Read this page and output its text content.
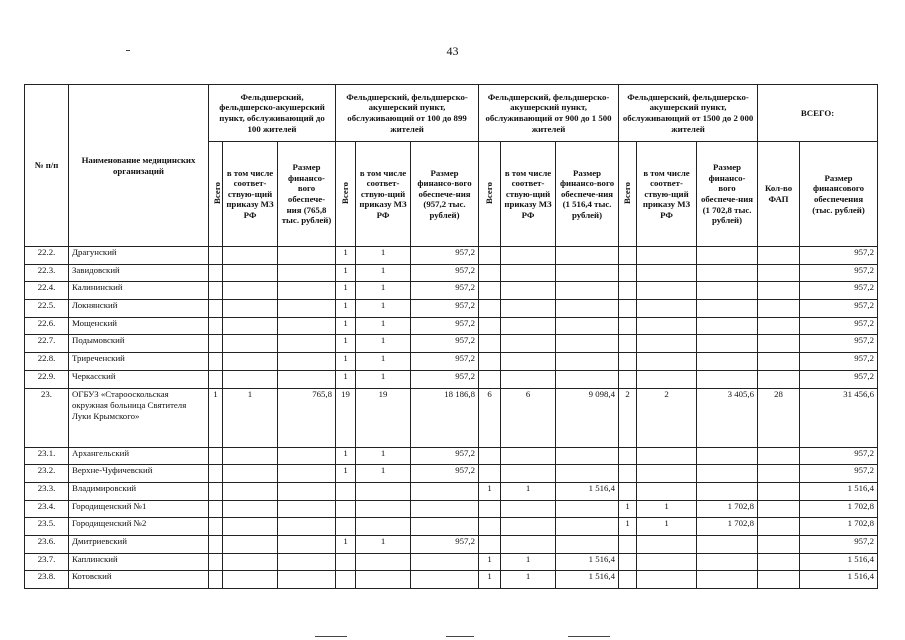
43
№ п/п	Наименование медицинских организаций	Фельдшерский, фельдшерско-акушерский пункт, обслуживающий до 100 жителей			Фельдшерский, фельдшерско-акушерский пункт, обслуживающий от 100 до 899 жителей			Фельдшерский, фельдшерско-акушерский пункт, обслуживающий от 900 до 1 500 жителей			Фельдшерский, фельдшерско-акушерский пункт, обслуживающий от 1500 до 2 000 жителей			ВСЕГО:	
		Всего	в том числе соответ-ствую-щий приказу МЗ РФ	Размер финансо-вого обеспече-ния (765,8 тыс. рублей)	Всего	в том числе соответ-ствую-щий приказу МЗ РФ	Размер финансо-вого обеспече-ния (957,2 тыс. рублей)	Всего	в том числе соответ-ствую-щий приказу МЗ РФ	Размер финансо-вого обеспече-ния (1 516,4 тыс. рублей)	Всего	в том числе соответ-ствую-щий приказу МЗ РФ	Размер финансо-вого обеспече-ния (1 702,8 тыс. рублей)	Кол-во ФАП	Размер финансового обеспечения (тыс. рублей)
22.2.	Драгунский				1	1	957,2								957,2
22.3.	Завидовский				1	1	957,2								957,2
22.4.	Калининский				1	1	957,2								957,2
22.5.	Локнянский				1	1	957,2								957,2
22.6.	Мощенский				1	1	957,2								957,2
22.7.	Подымовский				1	1	957,2								957,2
22.8.	Триреченский				1	1	957,2								957,2
22.9.	Черкасский				1	1	957,2								957,2
23.	ОГБУЗ «Старооскольская окружная больница Святителя Луки Крымского»	1	1	765,8	19	19	18 186,8	6	6	9 098,4	2	2	3 405,6	28	31 456,6
23.1.	Архангельский				1	1	957,2								957,2
23.2.	Верхне-Чуфичевский				1	1	957,2								957,2
23.3.	Владимировский							1	1	1 516,4					1 516,4
23.4.	Городищенский №1										1	1	1 702,8		1 702,8
23.5.	Городищенский №2										1	1	1 702,8		1 702,8
23.6.	Дмитриевский				1	1	957,2								957,2
23.7.	Каплинский							1	1	1 516,4					1 516,4
23.8.	Котовский							1	1	1 516,4					1 516,4
